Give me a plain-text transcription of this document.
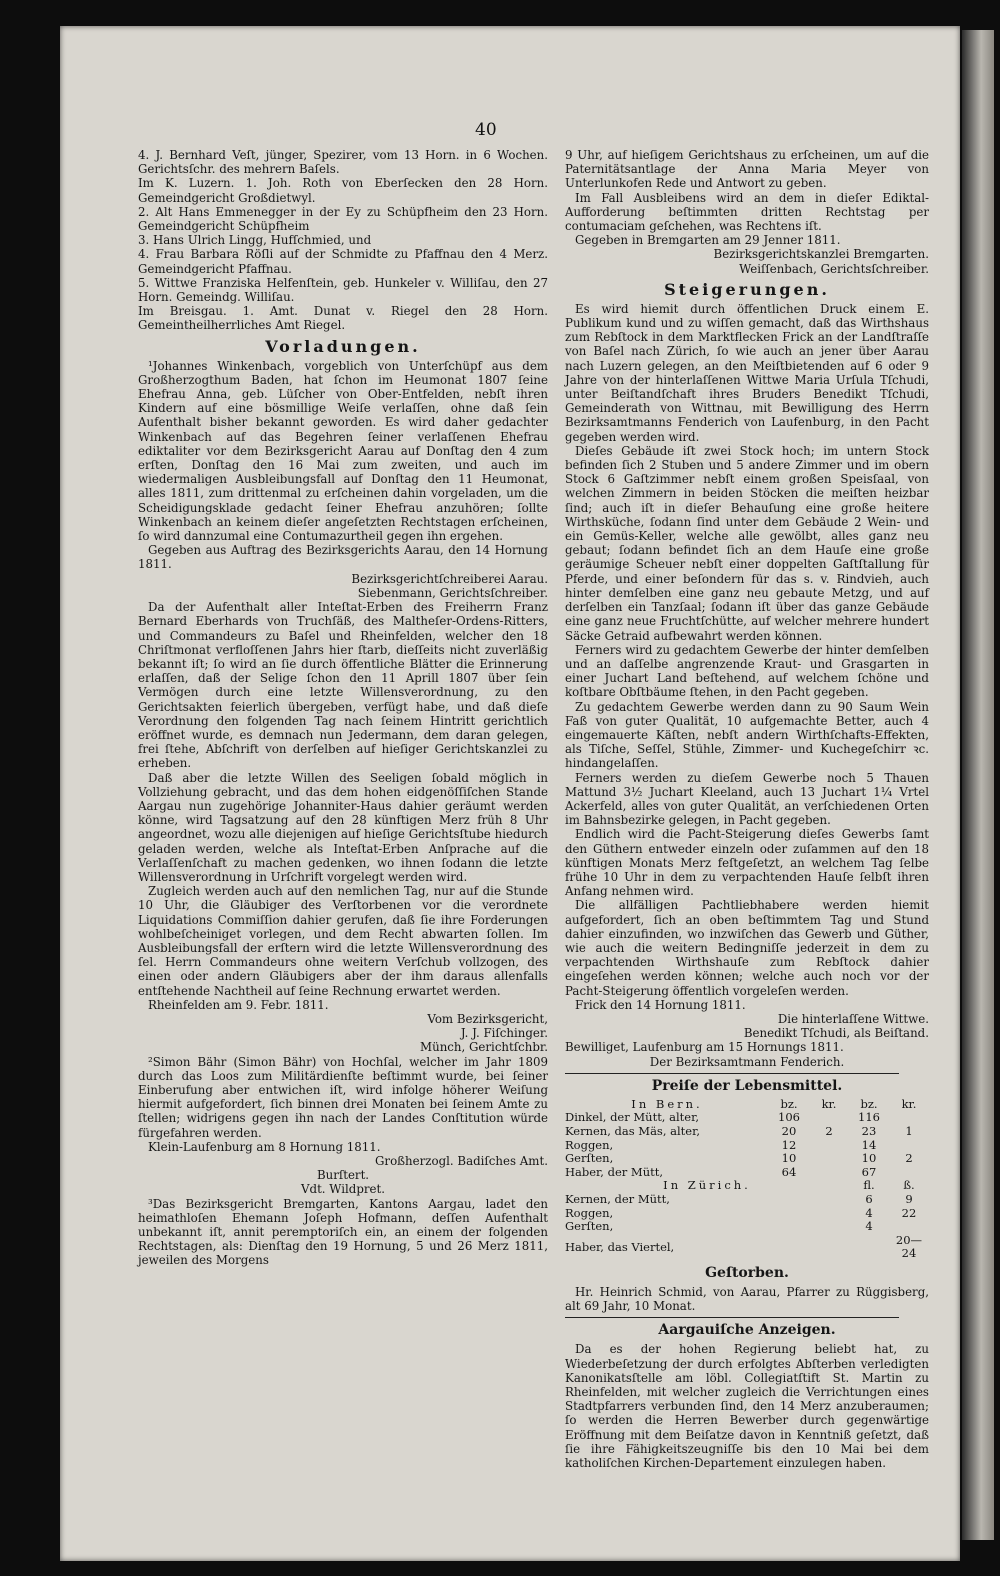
40

4. J. Bernhard Veſt, jünger, Spezirer, vom 13 Horn. in 6 Wochen. Gerichtsſchr. des mehrern Baſels.

Im K. Luzern. 1. Joh. Roth von Eberſecken den 28 Horn. Gemeindgericht Großdietwyl.

2. Alt Hans Emmenegger in der Ey zu Schüpfheim den 23 Horn. Gemeindgericht Schüpfheim

3. Hans Ulrich Lingg, Hufſchmied, und

4. Frau Barbara Röſli auf der Schmidte zu Pfaffnau den 4 Merz. Gemeindgericht Pfaffnau.

5. Wittwe Franziska Helfenſtein, geb. Hunkeler v. Williſau, den 27 Horn. Gemeindg. Williſau.

Im Breisgau. 1. Amt. Dunat v. Riegel den 28 Horn. Gemeintheilherrliches Amt Riegel.

Vorladungen.

¹Johannes Winkenbach, vorgeblich von Unterſchüpf aus dem Großherzogthum Baden, hat ſchon im Heumonat 1807 ſeine Ehefrau Anna, geb. Lüſcher von Ober-Entfelden, nebſt ihren Kindern auf eine bösmillige Weiſe verlaſſen, ohne daß ſein Aufenthalt bisher bekannt geworden. Es wird daher gedachter Winkenbach auf das Begehren ſeiner verlaſſenen Ehefrau ediktaliter vor dem Bezirksgericht Aarau auf Donſtag den 4 zum erſten, Donſtag den 16 Mai zum zweiten, und auch im wiedermaligen Ausbleibungsfall auf Donſtag den 11 Heumonat, alles 1811, zum drittenmal zu erſcheinen dahin vorgeladen, um die Scheidigungsklade gedacht ſeiner Ehefrau anzuhören; ſollte Winkenbach an keinem dieſer angeſetzten Rechtstagen erſcheinen, ſo wird dannzumal eine Contumazurtheil gegen ihn ergehen.

Gegeben aus Auftrag des Bezirksgerichts Aarau, den 14 Hornung 1811.

Bezirksgerichtſchreiberei Aarau.

Siebenmann, Gerichtsſchreiber.

Da der Aufenthalt aller Inteſtat-Erben des Freiherrn Franz Bernard Eberhards von Truchſäß, des Maltheſer-Ordens-Ritters, und Commandeurs zu Baſel und Rheinfelden, welcher den 18 Chriſtmonat verfloſſenen Jahrs hier ſtarb, dieſſeits nicht zuverläßig bekannt iſt; ſo wird an ſie durch öffentliche Blätter die Erinnerung erlaſſen, daß der Selige ſchon den 11 Aprill 1807 über ſein Vermögen durch eine letzte Willensverordnung, zu den Gerichtsakten feierlich übergeben, verfügt habe, und daß dieſe Verordnung den folgenden Tag nach ſeinem Hintritt gerichtlich eröffnet wurde, es demnach nun Jedermann, dem daran gelegen, frei ſtehe, Abſchrift von derſelben auf hieſiger Gerichtskanzlei zu erheben.

Daß aber die letzte Willen des Seeligen ſobald möglich in Vollziehung gebracht, und das dem hohen eidgenöſſiſchen Stande Aargau nun zugehörige Johanniter-Haus dahier geräumt werden könne, wird Tagsatzung auf den 28 künftigen Merz früh 8 Uhr angeordnet, wozu alle diejenigen auf hieſige Gerichtsſtube hiedurch geladen werden, welche als Inteſtat-Erben Anſprache auf die Verlaſſenſchaft zu machen gedenken, wo ihnen ſodann die letzte Willensverordnung in Urſchrift vorgelegt werden wird.

Zugleich werden auch auf den nemlichen Tag, nur auf die Stunde 10 Uhr, die Gläubiger des Verſtorbenen vor die verordnete Liquidations Commiſſion dahier gerufen, daß ſie ihre Forderungen wohlbeſcheiniget vorlegen, und dem Recht abwarten ſollen. Im Ausbleibungsfall der erſtern wird die letzte Willensverordnung des ſel. Herrn Commandeurs ohne weitern Verſchub vollzogen, des einen oder andern Gläubigers aber der ihm daraus allenfalls entſtehende Nachtheil auf ſeine Rechnung erwartet werden.

Rheinfelden am 9. Febr. 1811.

Vom Bezirksgericht,

J. J. Fiſchinger.

Münch, Gerichtſchbr.

²Simon Bähr (Simon Bähr) von Hochſal, welcher im Jahr 1809 durch das Loos zum Militärdienſte beſtimmt wurde, bei ſeiner Einberufung aber entwichen iſt, wird infolge höherer Weiſung hiermit aufgefordert, ſich binnen drei Monaten bei ſeinem Amte zu ſtellen; widrigens gegen ihn nach der Landes Conſtitution würde fürgefahren werden.

Klein-Laufenburg am 8 Hornung 1811.

Großherzogl. Badiſches Amt.

Burſtert.

Vdt. Wildpret.

³Das Bezirksgericht Bremgarten, Kantons Aargau, ladet den heimathloſen Ehemann Joſeph Hofmann, deſſen Aufenthalt unbekannt iſt, annit peremptoriſch ein, an einem der folgenden Rechtstagen, als: Dienſtag den 19 Hornung, 5 und 26 Merz 1811, jeweilen des Morgens

9 Uhr, auf hieſigem Gerichtshaus zu erſcheinen, um auf die Paternitätsantlage der Anna Maria Meyer von Unterlunkofen Rede und Antwort zu geben.

Im Fall Ausbleibens wird an dem in dieſer Ediktal-Aufforderung beſtimmten dritten Rechtstag per contumaciam geſchehen, was Rechtens iſt.

Gegeben in Bremgarten am 29 Jenner 1811.

Bezirksgerichtskanzlei Bremgarten.

Weiſſenbach, Gerichtsſchreiber.

Steigerungen.

Es wird hiemit durch öffentlichen Druck einem E. Publikum kund und zu wiſſen gemacht, daß das Wirthshaus zum Rebſtock in dem Marktflecken Frick an der Landſtraſſe von Baſel nach Zürich, ſo wie auch an jener über Aarau nach Luzern gelegen, an den Meiſtbietenden auf 6 oder 9 Jahre von der hinterlaſſenen Wittwe Maria Urſula Tſchudi, unter Beiſtandſchaft ihres Bruders Benedikt Tſchudi, Gemeinderath von Wittnau, mit Bewilligung des Herrn Bezirksamtmanns Fenderich von Laufenburg, in den Pacht gegeben werden wird.

Dieſes Gebäude iſt zwei Stock hoch; im untern Stock befinden ſich 2 Stuben und 5 andere Zimmer und im obern Stock 6 Gaſtzimmer nebſt einem großen Speisſaal, von welchen Zimmern in beiden Stöcken die meiſten heizbar ſind; auch iſt in dieſer Behauſung eine große heitere Wirthsküche, ſodann ſind unter dem Gebäude 2 Wein- und ein Gemüs-Keller, welche alle gewölbt, alles ganz neu gebaut; ſodann befindet ſich an dem Hauſe eine große geräumige Scheuer nebſt einer doppelten Gaſtſtallung für Pferde, und einer beſondern für das s. v. Rindvieh, auch hinter demſelben eine ganz neu gebaute Metzg, und auf derſelben ein Tanzſaal; ſodann iſt über das ganze Gebäude eine ganz neue Fruchtſchütte, auf welcher mehrere hundert Säcke Getraid aufbewahrt werden können.

Ferners wird zu gedachtem Gewerbe der hinter demſelben und an daſſelbe angrenzende Kraut- und Grasgarten in einer Juchart Land beſtehend, auf welchem ſchöne und koſtbare Obſtbäume ſtehen, in den Pacht gegeben.

Zu gedachtem Gewerbe werden dann zu 90 Saum Wein Faß von guter Qualität, 10 aufgemachte Better, auch 4 eingemauerte Käſten, nebſt andern Wirthſchafts-Effekten, als Tiſche, Seſſel, Stühle, Zimmer- und Kuchegeſchirr ꝛc. hindangelaſſen.

Ferners werden zu dieſem Gewerbe noch 5 Thauen Mattund 3½ Juchart Kleeland, auch 13 Juchart 1¼ Vrtel Ackerfeld, alles von guter Qualität, an verſchiedenen Orten im Bahnsbezirke gelegen, in Pacht gegeben.

Endlich wird die Pacht-Steigerung dieſes Gewerbs ſamt den Güthern entweder einzeln oder zuſammen auf den 18 künftigen Monats Merz feſtgeſetzt, an welchem Tag ſelbe frühe 10 Uhr in dem zu verpachtenden Hauſe ſelbſt ihren Anfang nehmen wird.

Die allfälligen Pachtliebhabere werden hiemit aufgefordert, ſich an oben beſtimmtem Tag und Stund dahier einzufinden, wo inzwiſchen das Gewerb und Güther, wie auch die weitern Bedingniſſe jederzeit in dem zu verpachtenden Wirthshauſe zum Rebſtock dahier eingeſehen werden können; welche auch noch vor der Pacht-Steigerung öffentlich vorgeleſen werden.

Frick den 14 Hornung 1811.

Die hinterlaſſene Wittwe.

Benedikt Tſchudi, als Beiſtand.

Bewilliget, Laufenburg am 15 Hornungs 1811.

Der Bezirksamtmann Fenderich.

Preiſe der Lebensmittel.
In Bern.	bz.	kr.	bz.	kr.
Dinkel, der Mütt, alter,	106		116	
Kernen, das Mäs, alter,	20	2	23	1
Roggen,	12		14	
Gerſten,	10		10	2
Haber, der Mütt,	64		67	
In Zürich.	fl.	ß.
Kernen, der Mütt,	6	9
Roggen,	4	22
Gerſten,	4	
Haber, das Viertel,		20—24
Geſtorben.

Hr. Heinrich Schmid, von Aarau, Pfarrer zu Rüggisberg, alt 69 Jahr, 10 Monat.

Aargauiſche Anzeigen.

Da es der hohen Regierung beliebt hat, zu Wiederbeſetzung der durch erfolgtes Abſterben verledigten Kanonikatsſtelle am löbl. Collegiatſtift St. Martin zu Rheinfelden, mit welcher zugleich die Verrichtungen eines Stadtpfarrers verbunden ſind, den 14 Merz anzuberaumen; ſo werden die Herren Bewerber durch gegenwärtige Eröffnung mit dem Beiſatze davon in Kenntniß geſetzt, daß ſie ihre Fähigkeitszeugniſſe bis den 10 Mai bei dem katholiſchen Kirchen-Departement einzulegen haben.
